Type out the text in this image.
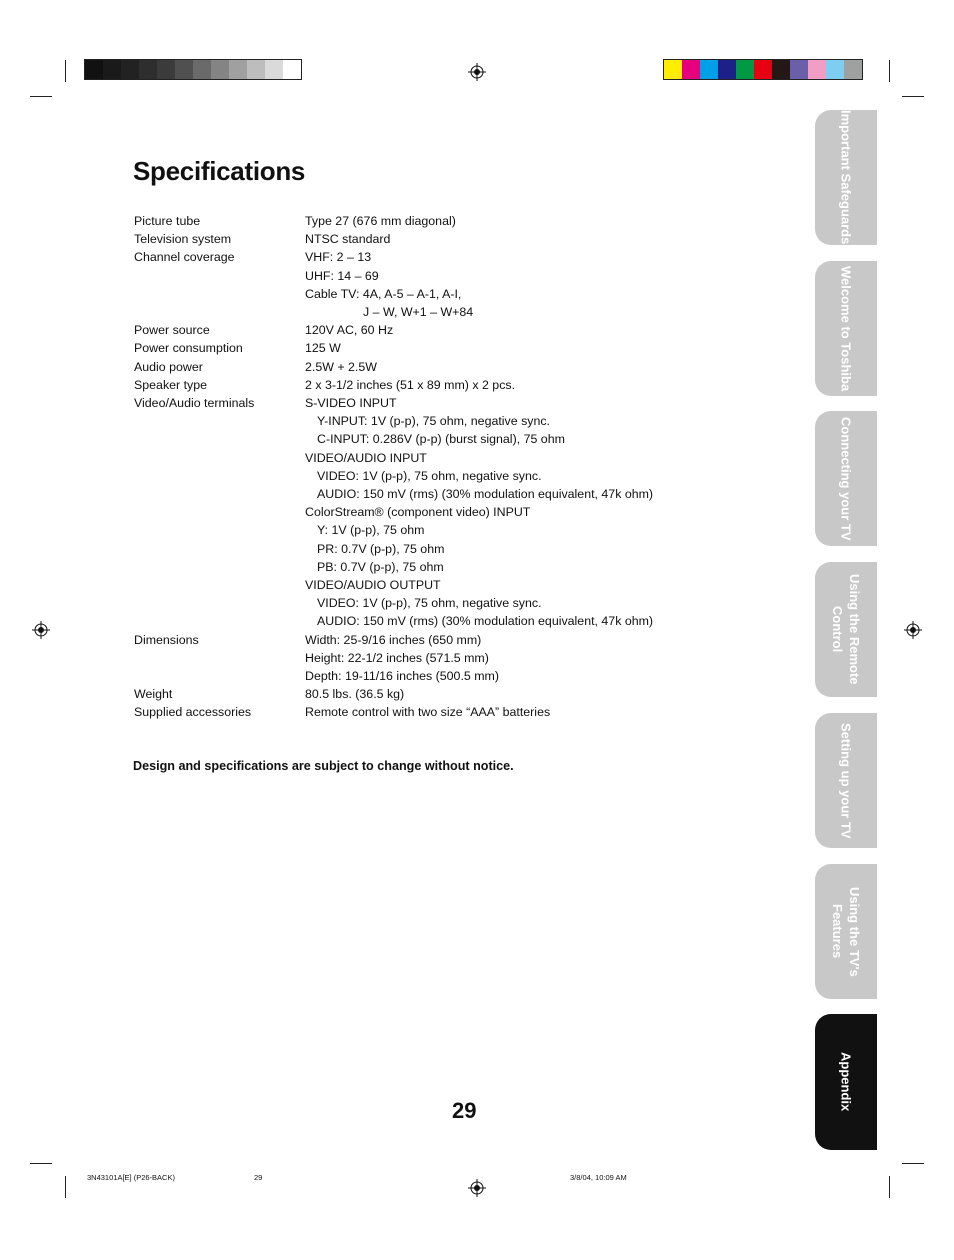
Specifications
Picture tube	Type 27 (676 mm diagonal)
Television system	NTSC standard
Channel coverage	VHF: 2 – 13
UHF: 14 – 69
Cable TV: 4A, A-5 – A-1, A-I,
J – W, W+1 – W+84
Power source	120V AC, 60 Hz
Power consumption	125 W
Audio power	2.5W + 2.5W
Speaker type	2 x 3-1/2 inches (51 x 89 mm) x 2 pcs.
Video/Audio terminals	S-VIDEO INPUT
Y-INPUT: 1V (p-p), 75 ohm, negative sync.
C-INPUT: 0.286V (p-p) (burst signal), 75 ohm
VIDEO/AUDIO INPUT
VIDEO: 1V (p-p), 75 ohm, negative sync.
AUDIO: 150 mV (rms) (30% modulation equivalent, 47k ohm)
ColorStream® (component video) INPUT
Y: 1V (p-p), 75 ohm
PR: 0.7V (p-p), 75 ohm
PB: 0.7V (p-p), 75 ohm
VIDEO/AUDIO OUTPUT
VIDEO: 1V (p-p), 75 ohm, negative sync.
AUDIO: 150 mV (rms) (30% modulation equivalent, 47k ohm)
Dimensions	Width: 25-9/16 inches (650 mm)
Height: 22-1/2 inches (571.5 mm)
Depth: 19-11/16 inches (500.5 mm)
Weight	80.5 lbs. (36.5 kg)
Supplied accessories	Remote control with two size “AAA” batteries
Design and specifications are subject to change without notice.
29
Important Safeguards
Welcome to Toshiba
Connecting your TV
Using the Remote Control
Setting up your TV
Using the TV's Features
Appendix
3N43101A[E] (P26-BACK)	29	3/8/04, 10:09 AM
